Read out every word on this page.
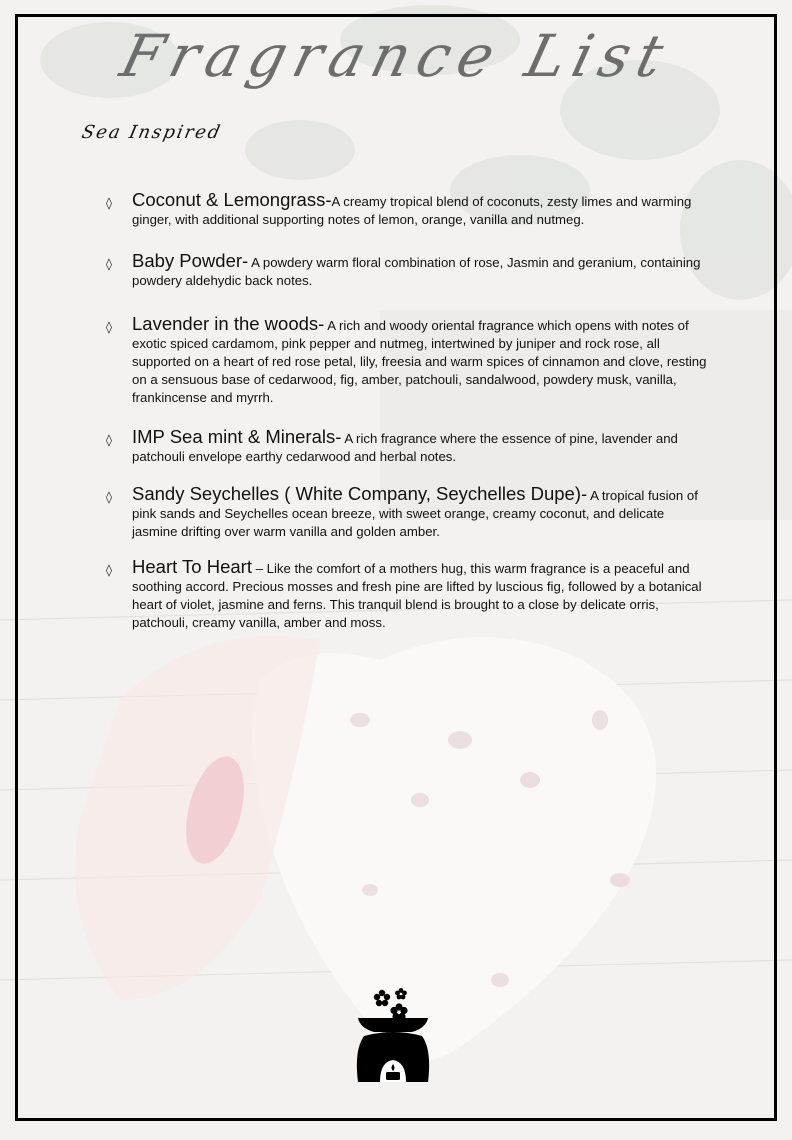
Fragrance List
Sea Inspired
◊ Coconut & Lemongrass-A creamy tropical blend of coconuts, zesty limes and warming ginger, with additional supporting notes of lemon, orange, vanilla and nutmeg.

◊ Baby Powder- A powdery warm floral combination of rose, Jasmin and geranium, containing powdery aldehydic back notes.

◊ Lavender in the woods- A rich and woody oriental fragrance which opens with notes of exotic spiced cardamom, pink pepper and nutmeg, intertwined by juniper and rock rose, all supported on a heart of red rose petal, lily, freesia and warm spices of cinnamon and clove, resting on a sensuous base of cedarwood, fig, amber, patchouli, sandalwood, powdery musk, vanilla, frankincense and myrrh.

◊ IMP Sea mint & Minerals- A rich fragrance where the essence of pine, lavender and patchouli envelope earthy cedarwood and herbal notes.

◊ Sandy Seychelles ( White Company, Seychelles Dupe)- A tropical fusion of pink sands and Seychelles ocean breeze, with sweet orange, creamy coconut, and delicate jasmine drifting over warm vanilla and golden amber.

◊ Heart To Heart – Like the comfort of a mothers hug, this warm fragrance is a peaceful and soothing accord. Precious mosses and fresh pine are lifted by luscious fig, followed by a botanical heart of violet, jasmine and ferns. This tranquil blend is brought to a close by delicate orris, patchouli, creamy vanilla, amber and moss.
